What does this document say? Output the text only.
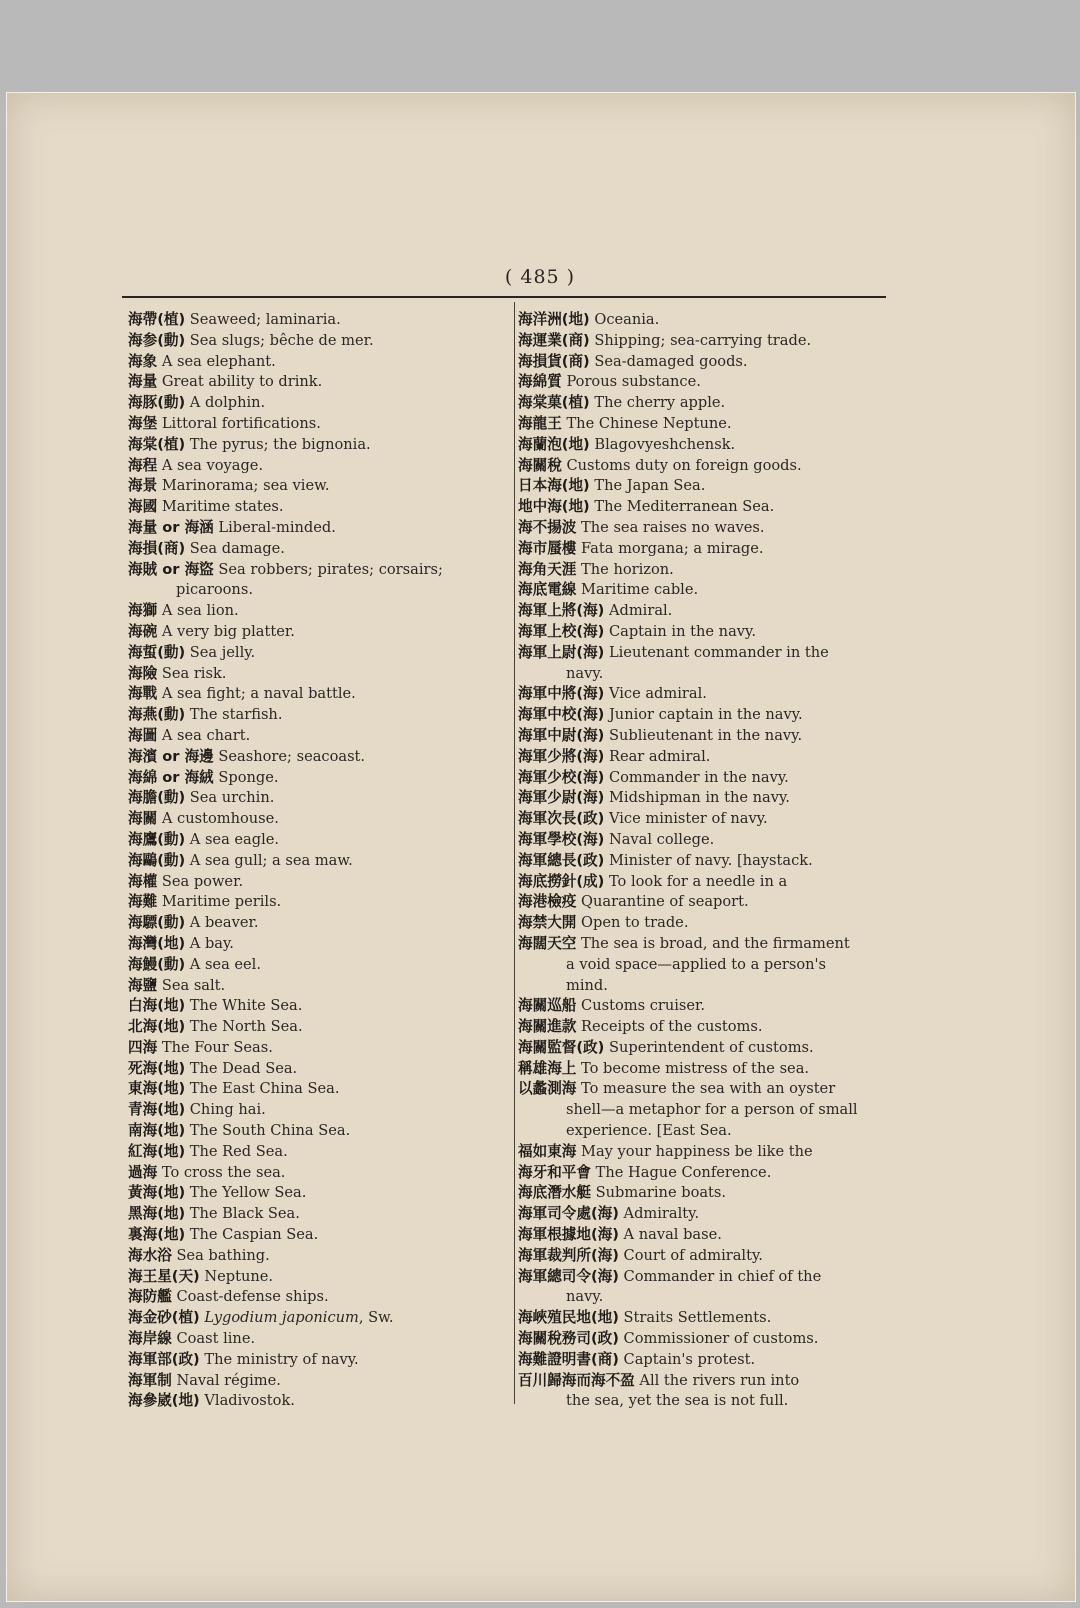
( 485 )
海帶(植) Seaweed; laminaria.
海参(動) Sea slugs; bêche de mer.
海象 A sea elephant.
海量 Great ability to drink.
海豚(動) A dolphin.
海堡 Littoral fortifications.
海棠(植) The pyrus; the bignonia.
海程 A sea voyage.
海景 Marinorama; sea view.
海國 Maritime states.
海量 or 海涵 Liberal-minded.
海損(商) Sea damage.
海賊 or 海盜 Sea robbers; pirates; corsairs;
picaroons.
海獅 A sea lion.
海碗 A very big platter.
海蜇(動) Sea jelly.
海險 Sea risk.
海戰 A sea fight; a naval battle.
海燕(動) The starfish.
海圖 A sea chart.
海濱 or 海邊 Seashore; seacoast.
海綿 or 海絨 Sponge.
海膽(動) Sea urchin.
海關 A customhouse.
海鷹(動) A sea eagle.
海鷗(動) A sea gull; a sea maw.
海權 Sea power.
海難 Maritime perils.
海驃(動) A beaver.
海灣(地) A bay.
海鰻(動) A sea eel.
海鹽 Sea salt.
白海(地) The White Sea.
北海(地) The North Sea.
四海 The Four Seas.
死海(地) The Dead Sea.
東海(地) The East China Sea.
青海(地) Ching hai.
南海(地) The South China Sea.
紅海(地) The Red Sea.
過海 To cross the sea.
黃海(地) The Yellow Sea.
黑海(地) The Black Sea.
裏海(地) The Caspian Sea.
海水浴 Sea bathing.
海王星(天) Neptune.
海防艦 Coast-defense ships.
海金砂(植) Lygodium japonicum, Sw.
海岸線 Coast line.
海軍部(政) The ministry of navy.
海軍制 Naval régime.
海參崴(地) Vladivostok.
海洋洲(地) Oceania.
海運業(商) Shipping; sea-carrying trade.
海損貨(商) Sea-damaged goods.
海綿質 Porous substance.
海棠菓(植) The cherry apple.
海龍王 The Chinese Neptune.
海蘭泡(地) Blagovyeshchensk.
海關稅 Customs duty on foreign goods.
日本海(地) The Japan Sea.
地中海(地) The Mediterranean Sea.
海不揚波 The sea raises no waves.
海市蜃樓 Fata morgana; a mirage.
海角天涯 The horizon.
海底電線 Maritime cable.
海軍上將(海) Admiral.
海軍上校(海) Captain in the navy.
海軍上尉(海) Lieutenant commander in the
navy.
海軍中將(海) Vice admiral.
海軍中校(海) Junior captain in the navy.
海軍中尉(海) Sublieutenant in the navy.
海軍少將(海) Rear admiral.
海軍少校(海) Commander in the navy.
海軍少尉(海) Midshipman in the navy.
海軍次長(政) Vice minister of navy.
海軍學校(海) Naval college.
海軍總長(政) Minister of navy. [haystack.
海底撈針(成) To look for a needle in a
海港檢疫 Quarantine of seaport.
海禁大開 Open to trade.
海闊天空 The sea is broad, and the firmament
a void space—applied to a person's
mind.
海關巡船 Customs cruiser.
海關進款 Receipts of the customs.
海關監督(政) Superintendent of customs.
稱雄海上 To become mistress of the sea.
以蠡測海 To measure the sea with an oyster
shell—a metaphor for a person of small
experience. [East Sea.
福如東海 May your happiness be like the
海牙和平會 The Hague Conference.
海底潛水艇 Submarine boats.
海軍司令處(海) Admiralty.
海軍根據地(海) A naval base.
海軍裁判所(海) Court of admiralty.
海軍總司令(海) Commander in chief of the
navy.
海峽殖民地(地) Straits Settlements.
海關稅務司(政) Commissioner of customs.
海難證明書(商) Captain's protest.
百川歸海而海不盈 All the rivers run into
the sea, yet the sea is not full.
